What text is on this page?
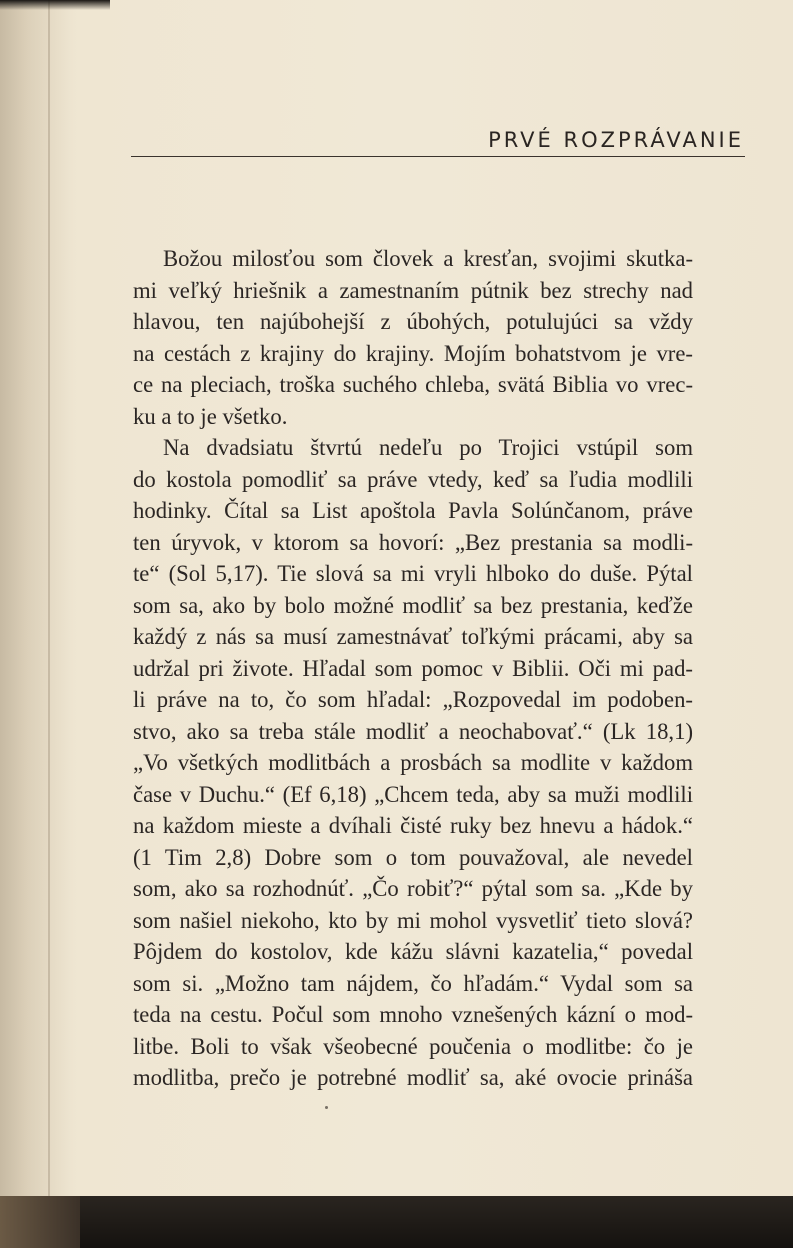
PRVÉ ROZPRÁVANIE

Božou milosťou som človek a kresťan, svojimi skutka-
mi veľký hriešnik a zamestnaním pútnik bez strechy nad
hlavou, ten najúbohejší z úbohých, potulujúci sa vždy
na cestách z krajiny do krajiny. Mojím bohatstvom je vre-
ce na pleciach, troška suchého chleba, svätá Biblia vo vrec-
ku a to je všetko.

Na dvadsiatu štvrtú nedeľu po Trojici vstúpil som
do kostola pomodliť sa práve vtedy, keď sa ľudia modlili
hodinky. Čítal sa List apoštola Pavla Solúnčanom, práve
ten úryvok, v ktorom sa hovorí: „Bez prestania sa modli-
te“ (Sol 5,17). Tie slová sa mi vryli hlboko do duše. Pýtal
som sa, ako by bolo možné modliť sa bez prestania, keďže
každý z nás sa musí zamestnávať toľkými prácami, aby sa
udržal pri živote. Hľadal som pomoc v Biblii. Oči mi pad-
li práve na to, čo som hľadal: „Rozpovedal im podoben-
stvo, ako sa treba stále modliť a neochabovať.“ (Lk 18,1)
„Vo všetkých modlitbách a prosbách sa modlite v každom
čase v Duchu.“ (Ef 6,18) „Chcem teda, aby sa muži modlili
na každom mieste a dvíhali čisté ruky bez hnevu a hádok.“
(1 Tim 2,8) Dobre som o tom pouvažoval, ale nevedel
som, ako sa rozhodnúť. „Čo robiť?“ pýtal som sa. „Kde by
som našiel niekoho, kto by mi mohol vysvetliť tieto slová?
Pôjdem do kostolov, kde kážu slávni kazatelia,“ povedal
som si. „Možno tam nájdem, čo hľadám.“ Vydal som sa
teda na cestu. Počul som mnoho vznešených kázní o mod-
litbe. Boli to však všeobecné poučenia o modlitbe: čo je
modlitba, prečo je potrebné modliť sa, aké ovocie prináša
